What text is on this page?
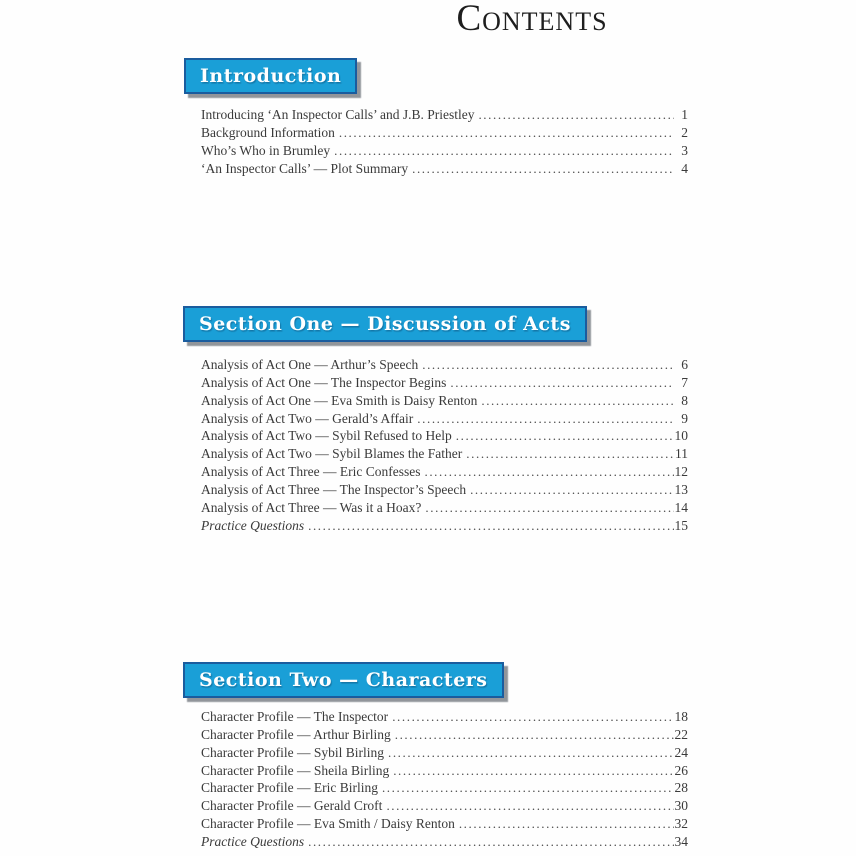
Contents
Introduction
Introducing ‘An Inspector Calls’ and J.B. Priestley .....	1
Background Information .....	2
Who’s Who in Brumley .....	3
‘An Inspector Calls’ — Plot Summary .....	4
Section One — Discussion of Acts
Analysis of Act One — Arthur’s Speech .....	6
Analysis of Act One — The Inspector Begins .....	7
Analysis of Act One — Eva Smith is Daisy Renton .....	8
Analysis of Act Two — Gerald’s Affair .....	9
Analysis of Act Two — Sybil Refused to Help .....	10
Analysis of Act Two — Sybil Blames the Father .....	11
Analysis of Act Three — Eric Confesses .....	12
Analysis of Act Three — The Inspector’s Speech .....	13
Analysis of Act Three — Was it a Hoax? .....	14
Practice Questions .....	15
Section Two — Characters
Character Profile — The Inspector .....	18
Character Profile — Arthur Birling .....	22
Character Profile — Sybil Birling .....	24
Character Profile — Sheila Birling .....	26
Character Profile — Eric Birling .....	28
Character Profile — Gerald Croft .....	30
Character Profile — Eva Smith / Daisy Renton .....	32
Practice Questions .....	34
